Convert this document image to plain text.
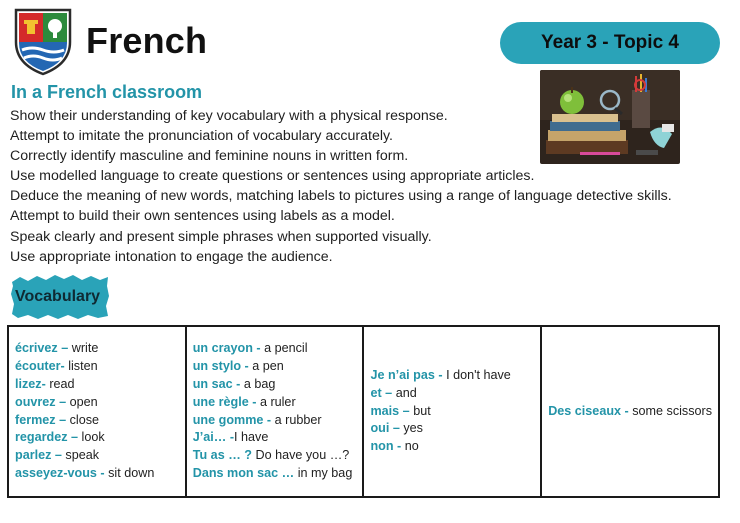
French	Year 3 - Topic 4
In a French classroom
Show their understanding of key vocabulary with a physical response.
Attempt to imitate the pronunciation of vocabulary accurately.
Correctly identify masculine and feminine nouns in written form.
Use modelled language to create questions or sentences using appropriate articles.
Deduce the meaning of new words, matching labels to pictures using a range of language detective skills.
Attempt to build their own sentences using labels as a model.
Speak clearly and present simple phrases when supported visually.
Use appropriate intonation to engage the audience.
Vocabulary
écrivez – write
écouter- listen
lizez- read
ouvrez – open
fermez – close
regardez – look
parlez – speak
asseyez-vous - sit down
un crayon - a pencil
un stylo - a pen
un sac - a bag
une règle - a ruler
une gomme - a rubber
J’ai… -I have
Tu as … ? Do have you …?
Dans mon sac … in my bag
Je n’ai pas - I don't have
et – and
mais – but
oui – yes
non - no
Des ciseaux - some scissors
